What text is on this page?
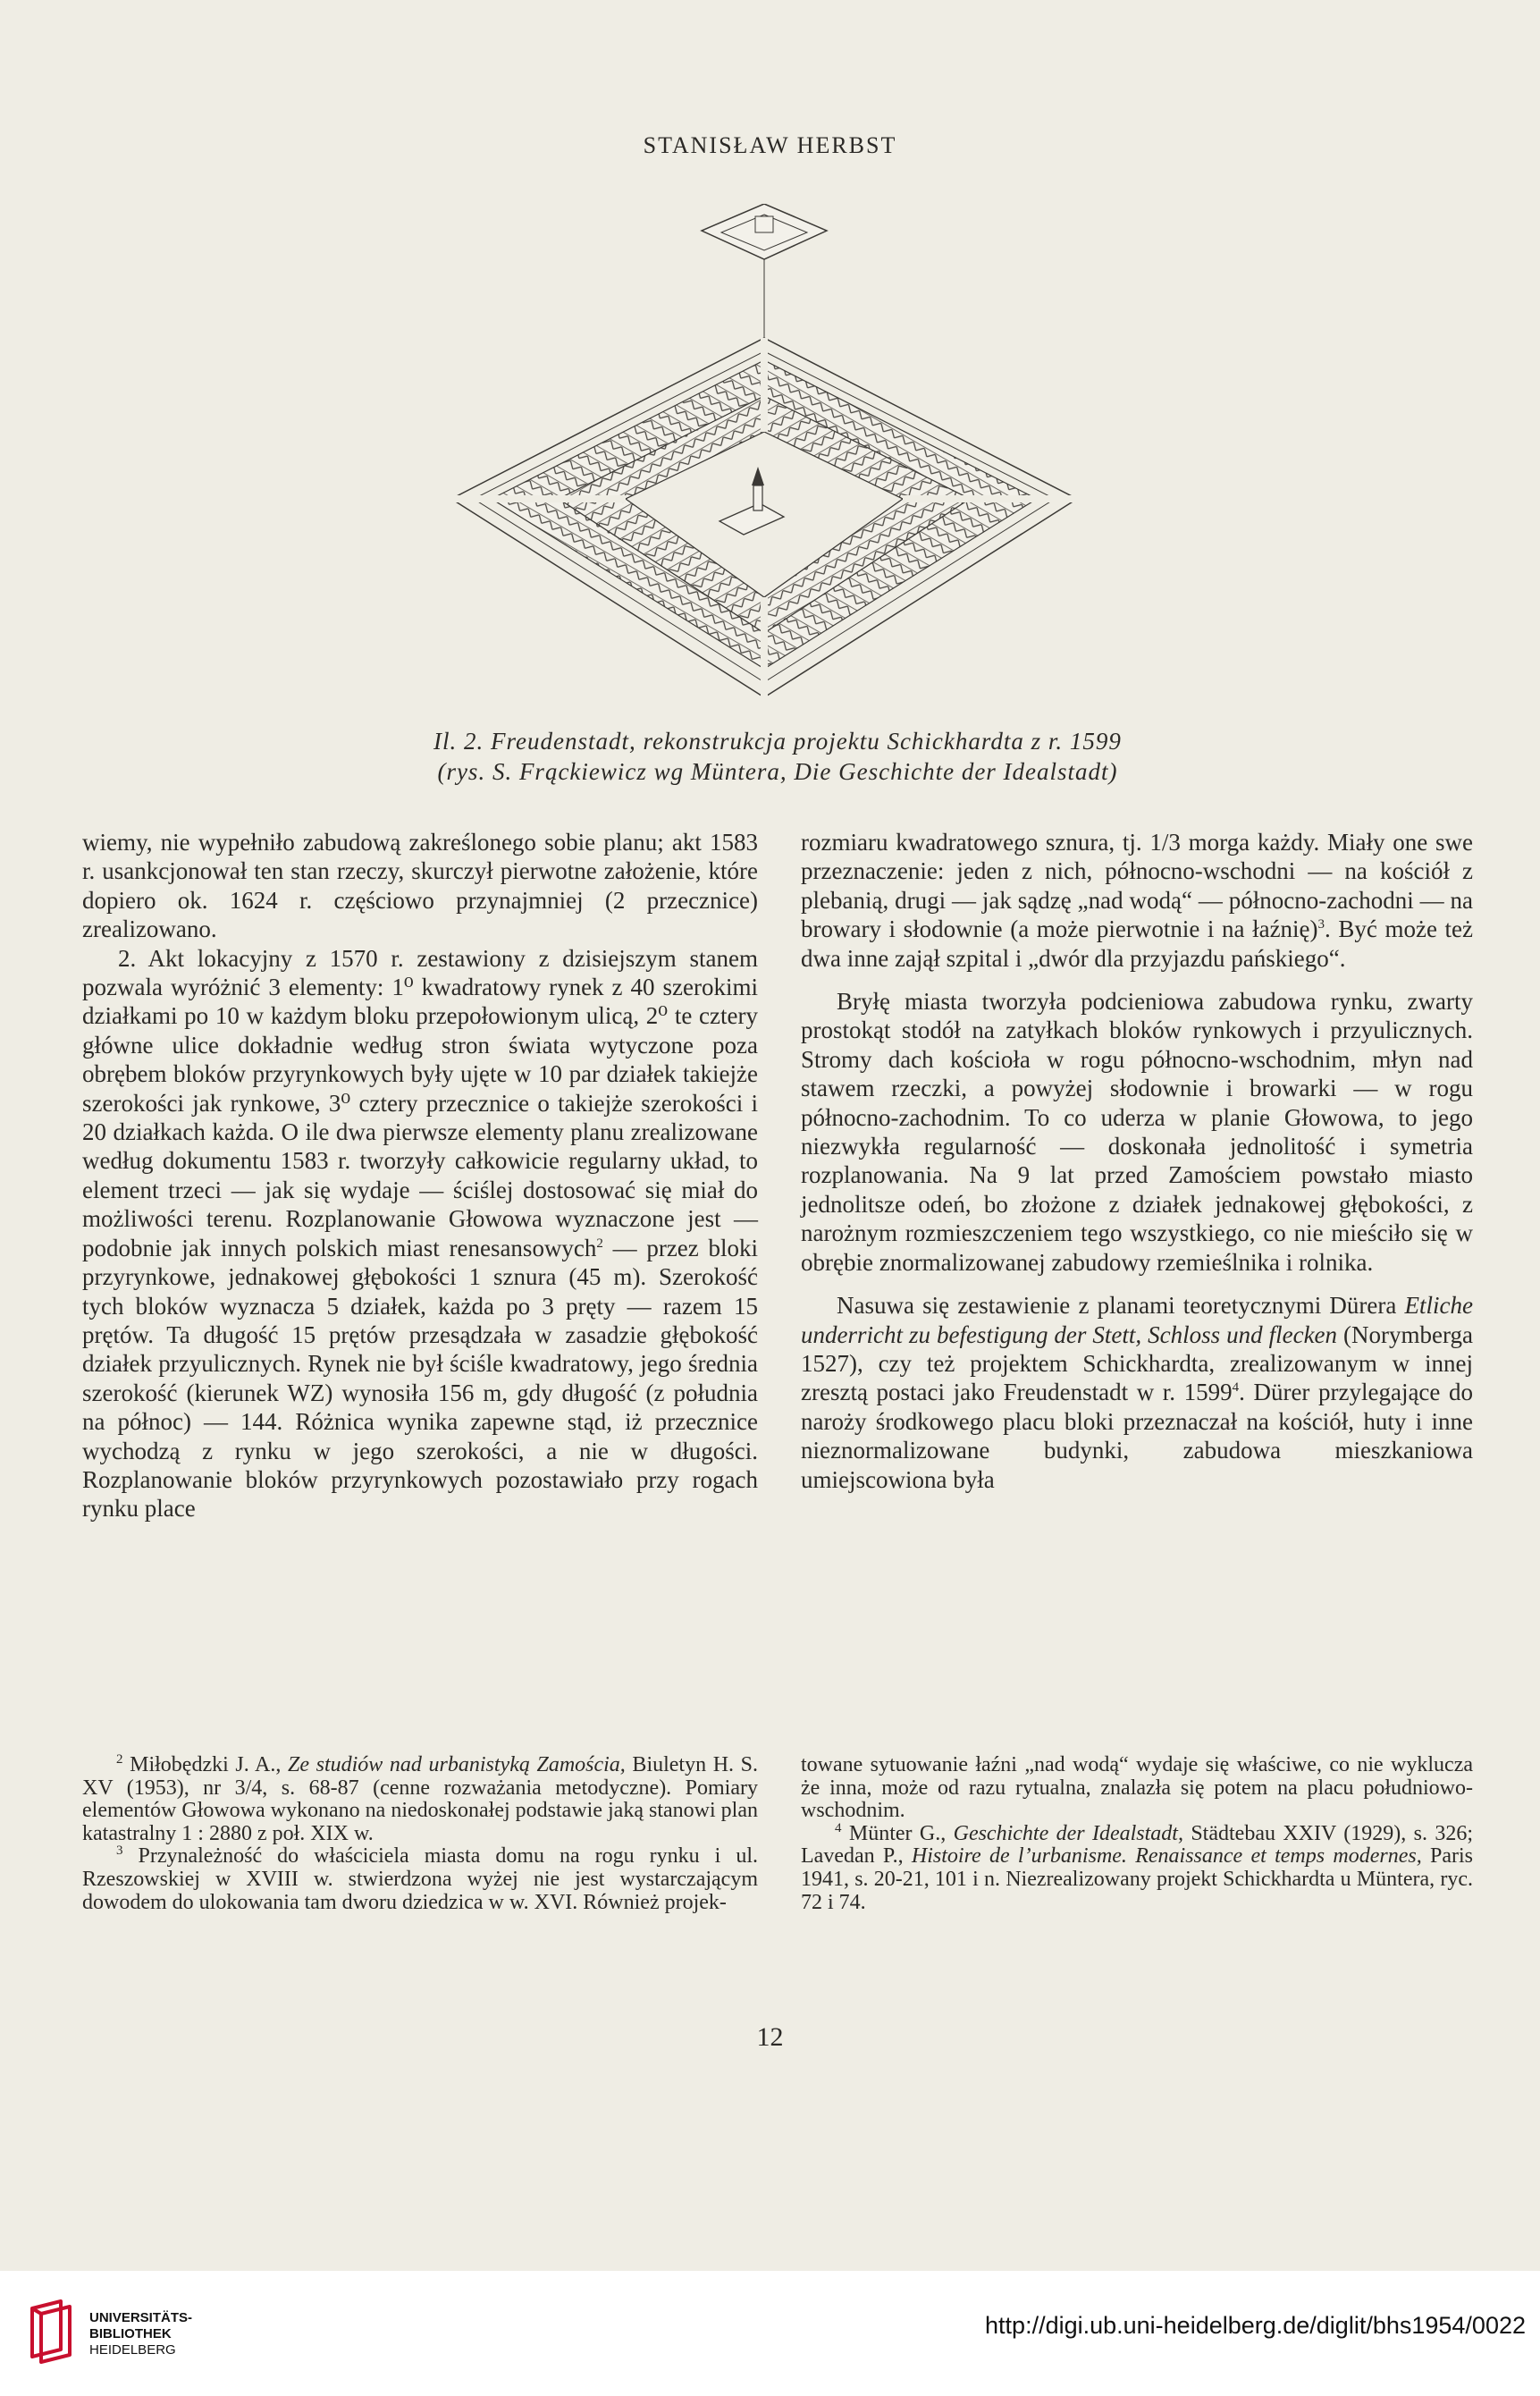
STANISŁAW HERBST
Il. 2. Freudenstadt, rekonstrukcja projektu Schickhardta z r. 1599
(rys. S. Frąckiewicz wg Müntera, Die Geschichte der Idealstadt)

wiemy, nie wypełniło zabudową zakreślonego sobie planu; akt 1583 r. usankcjonował ten stan rzeczy, skurczył pierwotne założenie, które dopiero ok. 1624 r. częściowo przynajmniej (2 przecznice) zrealizowano.

2. Akt lokacyjny z 1570 r. zestawiony z dzisiejszym stanem pozwala wyróżnić 3 elementy: 1⁰ kwadratowy rynek z 40 szerokimi działkami po 10 w każdym bloku przepołowionym ulicą, 2⁰ te cztery główne ulice dokładnie według stron świata wytyczone poza obrębem bloków przyrynkowych były ujęte w 10 par działek takiejże szerokości jak rynkowe, 3⁰ cztery przecznice o takiejże szerokości i 20 działkach każda. O ile dwa pierwsze elementy planu zrealizowane według dokumentu 1583 r. tworzyły całkowicie regularny układ, to element trzeci — jak się wydaje — ściślej dostosować się miał do możliwości terenu. Rozplanowanie Głowowa wyznaczone jest — podobnie jak innych polskich miast renesansowych$^2$ — przez bloki przyrynkowe, jednakowej głębokości 1 sznura (45 m). Szerokość tych bloków wyznacza 5 działek, każda po 3 pręty — razem 15 prętów. Ta długość 15 prętów przesądzała w zasadzie głębokość działek przyulicznych. Rynek nie był ściśle kwadratowy, jego średnia szerokość (kierunek WZ) wynosiła 156 m, gdy długość (z południa na północ) — 144. Różnica wynika zapewne stąd, iż przecznice wychodzą z rynku w jego szerokości, a nie w długości. Rozplanowanie bloków przyrynkowych pozostawiało przy rogach rynku place

rozmiaru kwadratowego sznura, tj. 1/3 morga każdy. Miały one swe przeznaczenie: jeden z nich, północno-wschodni — na kościół z plebanią, drugi — jak sądzę „nad wodą“ — północno-zachodni — na browary i słodownie (a może pierwotnie i na łaźnię)$^3$. Być może też dwa inne zajął szpital i „dwór dla przyjazdu pańskiego“.

Bryłę miasta tworzyła podcieniowa zabudowa rynku, zwarty prostokąt stodół na zatyłkach bloków rynkowych i przyulicznych. Stromy dach kościoła w rogu północno-wschodnim, młyn nad stawem rzeczki, a powyżej słodownie i browarki — w rogu północno-zachodnim. To co uderza w planie Głowowa, to jego niezwykła regularność — doskonała jednolitość i symetria rozplanowania. Na 9 lat przed Zamościem powstało miasto jednolitsze odeń, bo złożone z działek jednakowej głębokości, z narożnym rozmieszczeniem tego wszystkiego, co nie mieściło się w obrębie znormalizowanej zabudowy rzemieślnika i rolnika.

Nasuwa się zestawienie z planami teoretycznymi Dürera Etliche underricht zu befestigung der Stett, Schloss und flecken (Norymberga 1527), czy też projektem Schickhardta, zrealizowanym w innej zresztą postaci jako Freudenstadt w r. 1599$^4$. Dürer przylegające do naroży środkowego placu bloki przeznaczał na kościół, huty i inne nieznormalizowane budynki, zabudowa mieszkaniowa umiejscowiona była

$^2$ Miłobędzki J. A., Ze studiów nad urbanistyką Zamościa, Biuletyn H. S. XV (1953), nr 3/4, s. 68-87 (cenne rozważania metodyczne). Pomiary elementów Głowowa wykonano na niedoskonałej podstawie jaką stanowi plan katastralny 1 : 2880 z poł. XIX w.

$^3$ Przynależność do właściciela miasta domu na rogu rynku i ul. Rzeszowskiej w XVIII w. stwierdzona wyżej nie jest wystarczającym dowodem do ulokowania tam dworu dziedzica w w. XVI. Również projek-

towane sytuowanie łaźni „nad wodą“ wydaje się właściwe, co nie wyklucza że inna, może od razu rytualna, znalazła się potem na placu południowo-wschodnim.

$^4$ Münter G., Geschichte der Idealstadt, Städtebau XXIV (1929), s. 326; Lavedan P., Histoire de l’urbanisme. Renaissance et temps modernes, Paris 1941, s. 20-21, 101 i n. Niezrealizowany projekt Schickhardta u Müntera, ryc. 72 i 74.

12
UNIVERSITÄTS-
BIBLIOTHEK
HEIDELBERG
http://digi.ub.uni-heidelberg.de/diglit/bhs1954/0022
